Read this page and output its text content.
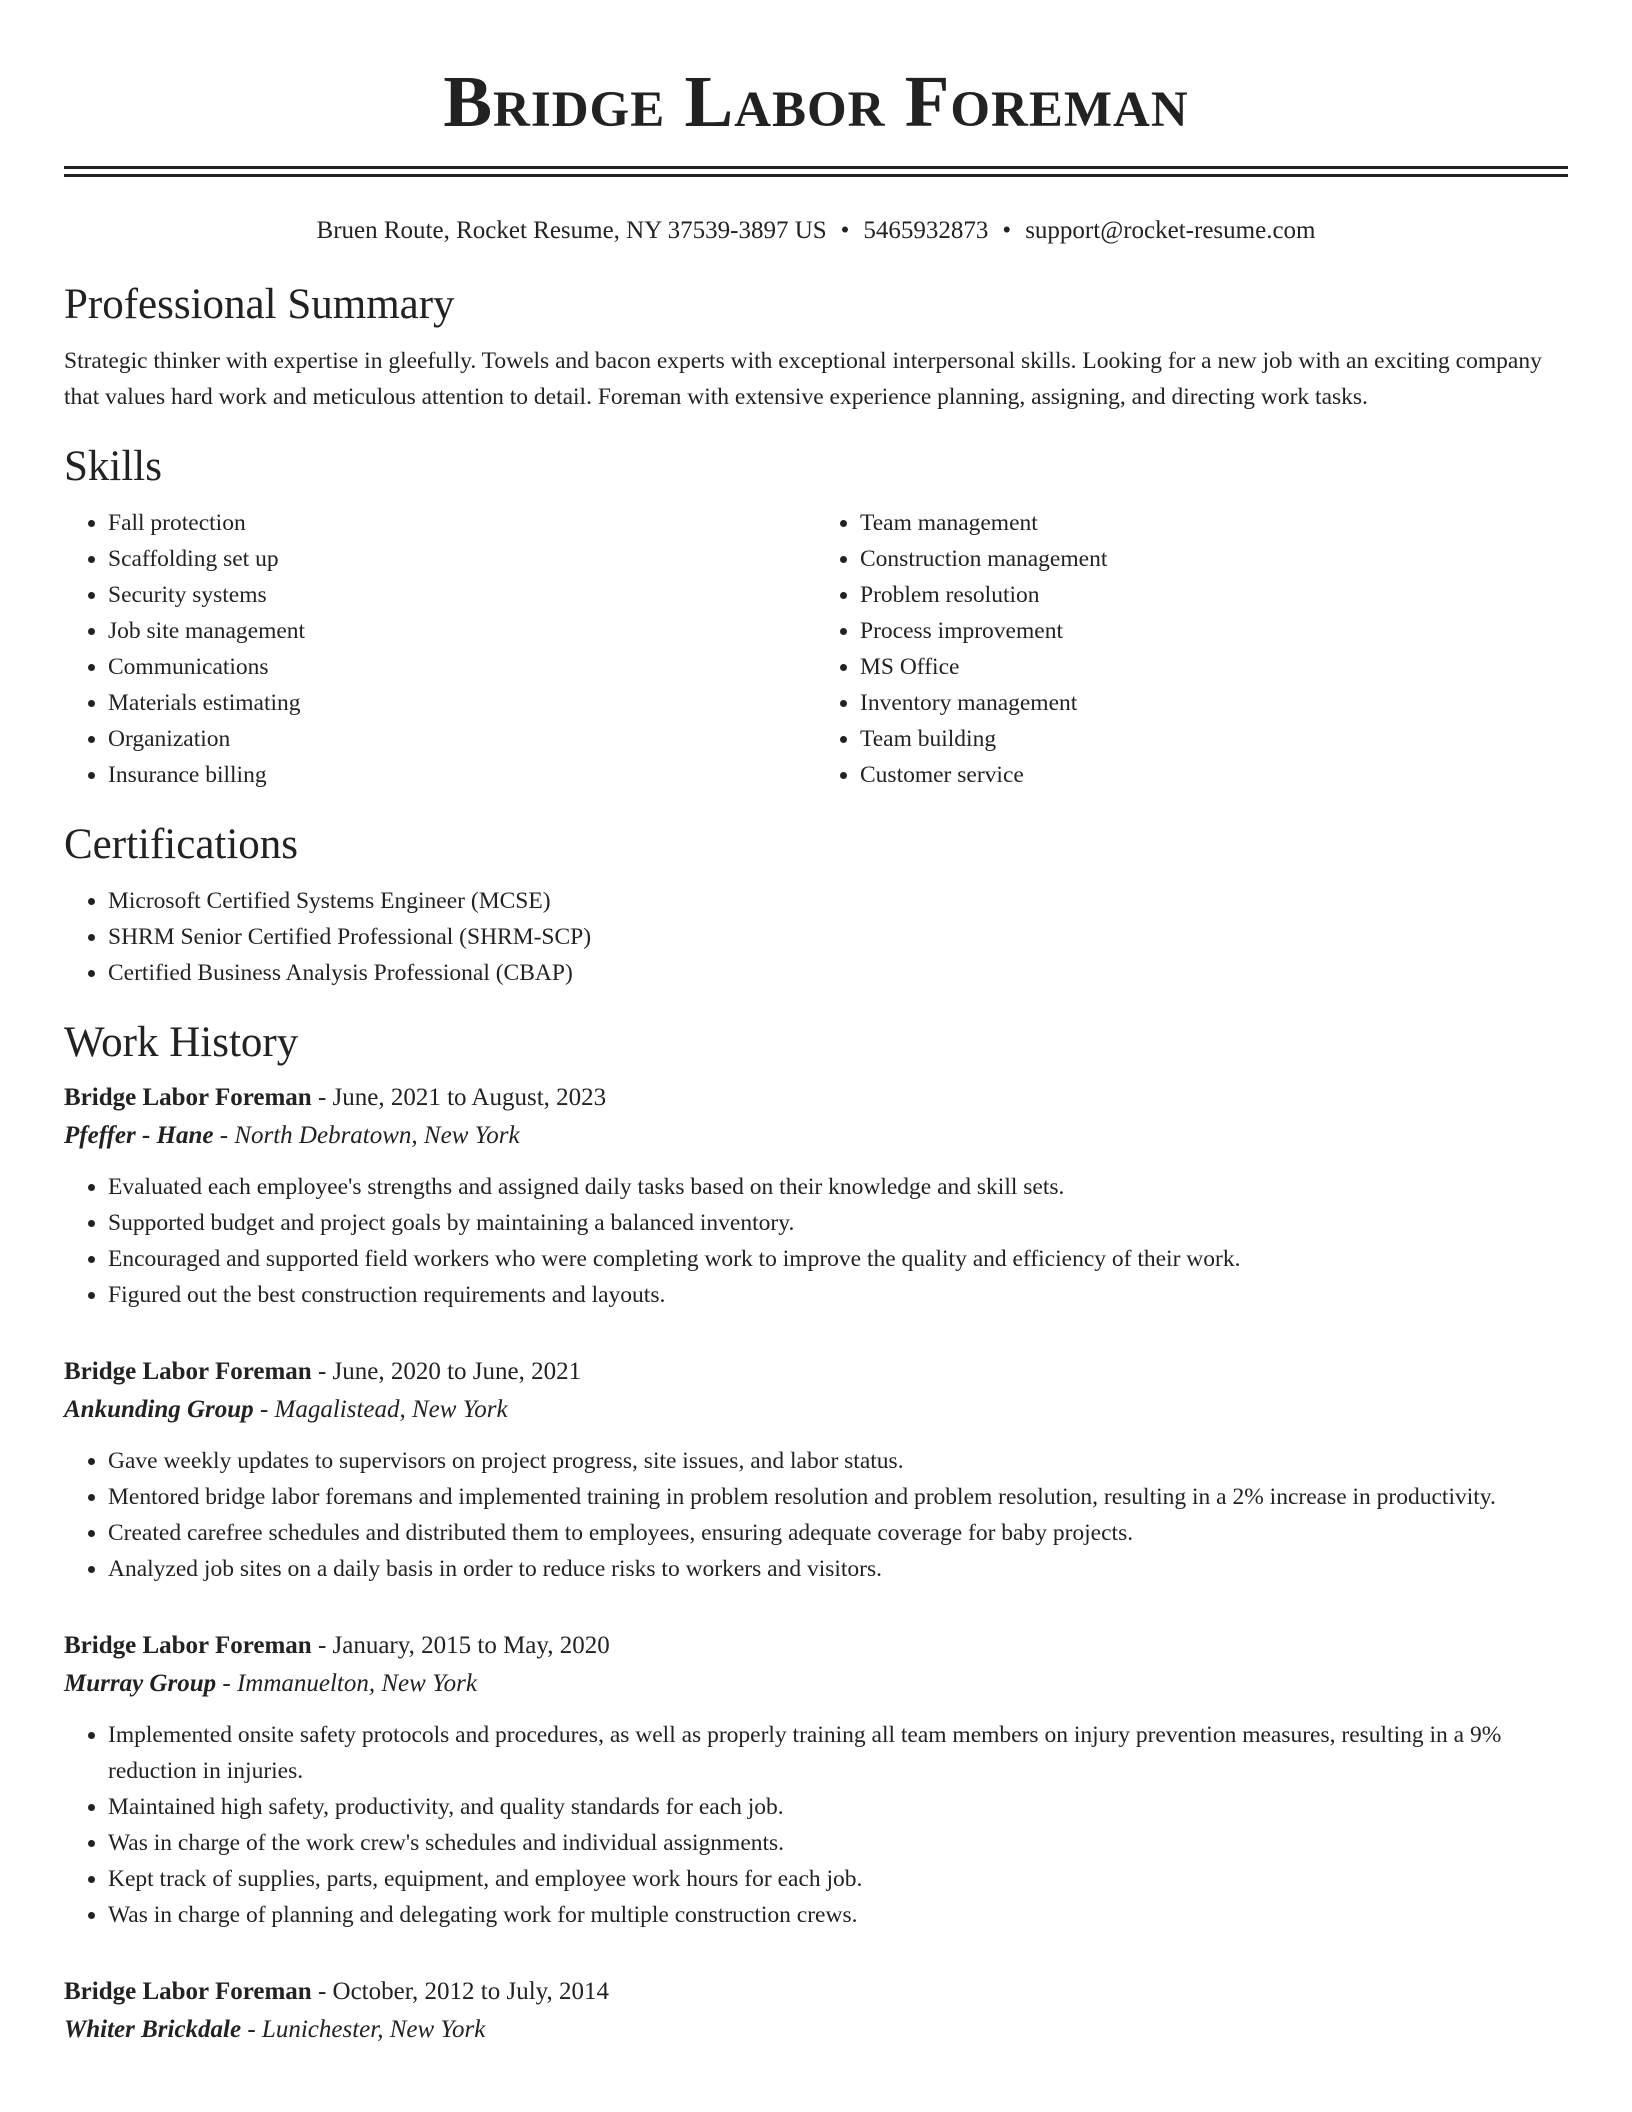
Bridge Labor Foreman
Bruen Route, Rocket Resume, NY 37539-3897 US • 5465932873 • support@rocket-resume.com
Professional Summary

Strategic thinker with expertise in gleefully. Towels and bacon experts with exceptional interpersonal skills. Looking for a new job with an exciting company that values hard work and meticulous attention to detail. Foreman with extensive experience planning, assigning, and directing work tasks.

Skills
• Fall protection
• Scaffolding set up
• Security systems
• Job site management
• Communications
• Materials estimating
• Organization
• Insurance billing
• Team management
• Construction management
• Problem resolution
• Process improvement
• MS Office
• Inventory management
• Team building
• Customer service
Certifications
• Microsoft Certified Systems Engineer (MCSE)
• SHRM Senior Certified Professional (SHRM-SCP)
• Certified Business Analysis Professional (CBAP)
Work History
Bridge Labor Foreman - June, 2021 to August, 2023
Pfeffer - Hane - North Debratown, New York
• Evaluated each employee's strengths and assigned daily tasks based on their knowledge and skill sets.
• Supported budget and project goals by maintaining a balanced inventory.
• Encouraged and supported field workers who were completing work to improve the quality and efficiency of their work.
• Figured out the best construction requirements and layouts.
Bridge Labor Foreman - June, 2020 to June, 2021
Ankunding Group - Magalistead, New York
• Gave weekly updates to supervisors on project progress, site issues, and labor status.
• Mentored bridge labor foremans and implemented training in problem resolution and problem resolution, resulting in a 2% increase in productivity.
• Created carefree schedules and distributed them to employees, ensuring adequate coverage for baby projects.
• Analyzed job sites on a daily basis in order to reduce risks to workers and visitors.
Bridge Labor Foreman - January, 2015 to May, 2020
Murray Group - Immanuelton, New York
• Implemented onsite safety protocols and procedures, as well as properly training all team members on injury prevention measures, resulting in a 9% reduction in injuries.
• Maintained high safety, productivity, and quality standards for each job.
• Was in charge of the work crew's schedules and individual assignments.
• Kept track of supplies, parts, equipment, and employee work hours for each job.
• Was in charge of planning and delegating work for multiple construction crews.
Bridge Labor Foreman - October, 2012 to July, 2014
Whiter Brickdale - Lunichester, New York
